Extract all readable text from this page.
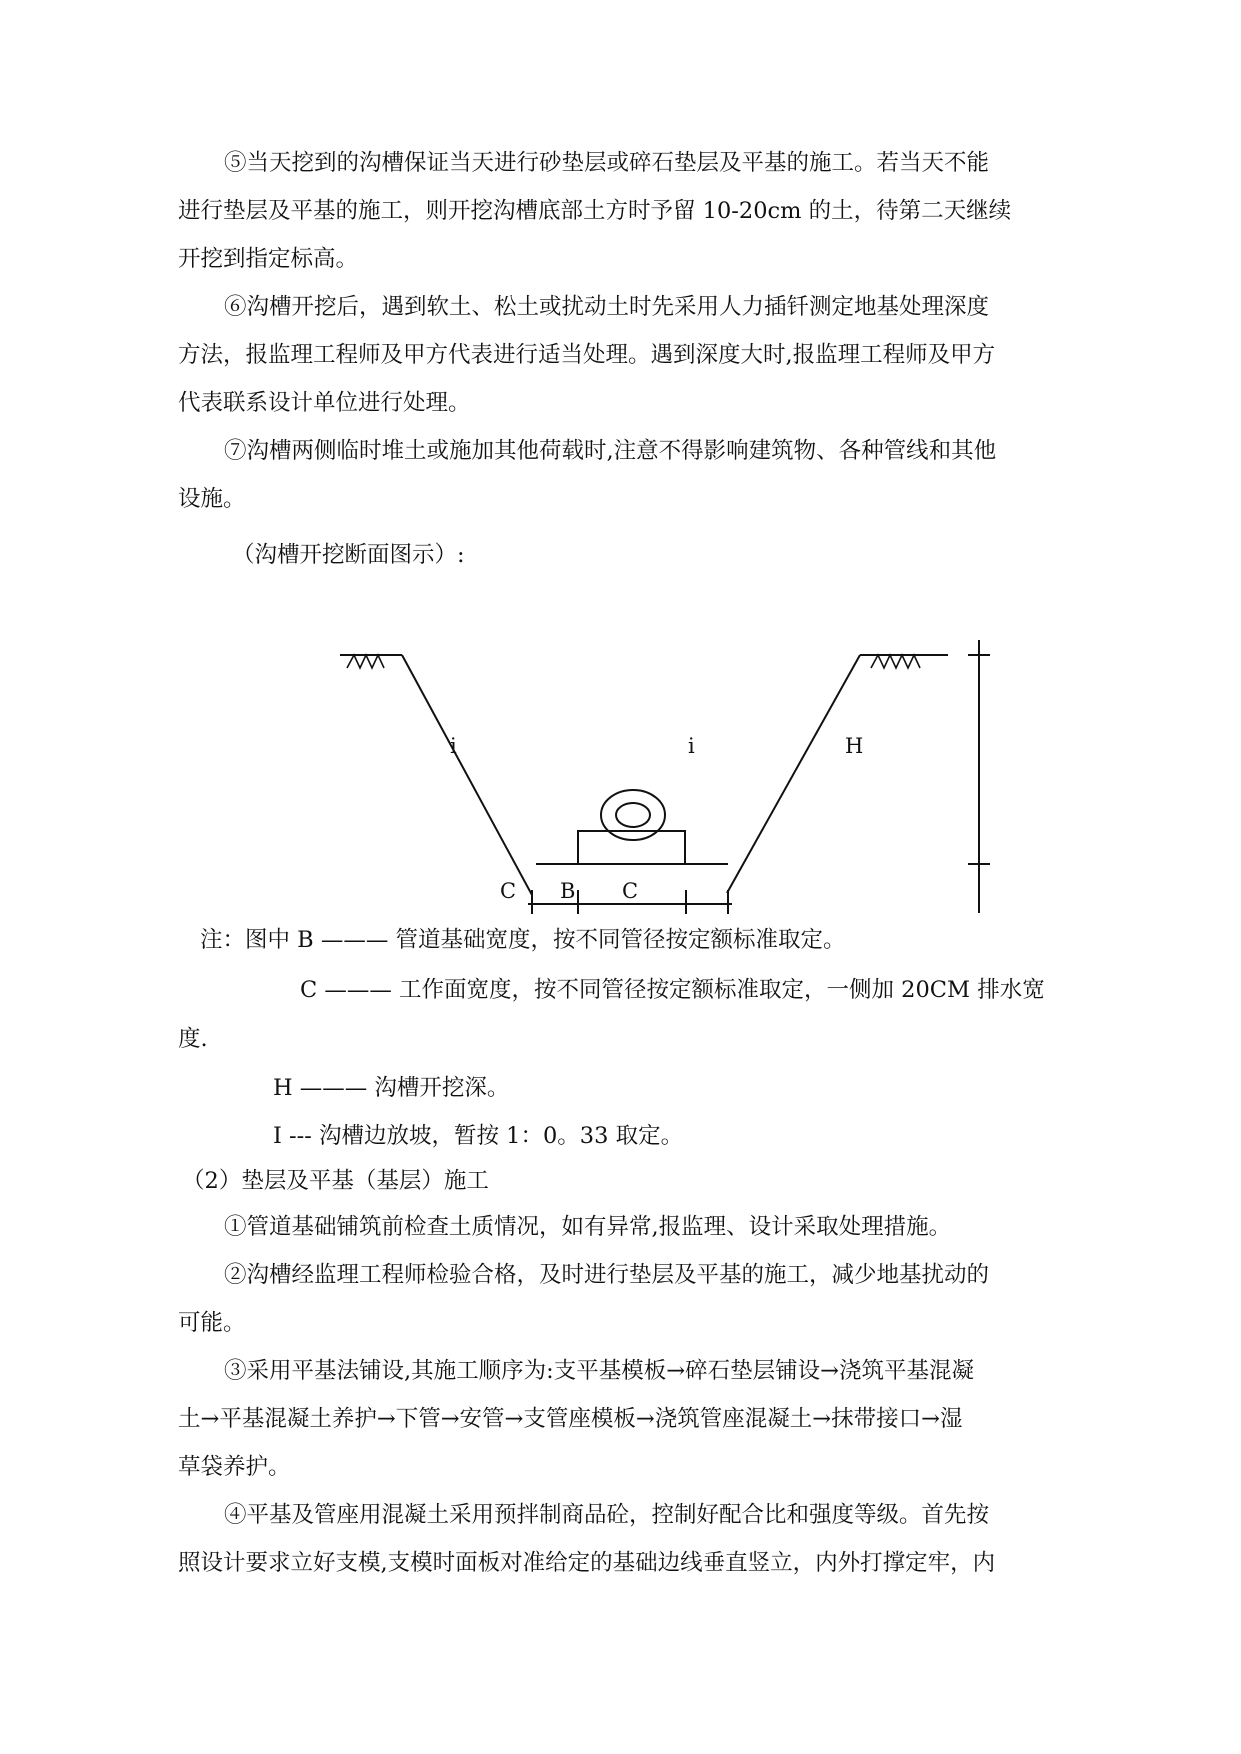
⑤当天挖到的沟槽保证当天进行砂垫层或碎石垫层及平基的施工。若当天不能
进行垫层及平基的施工，则开挖沟槽底部土方时予留 10-20cm 的土，待第二天继续
开挖到指定标高。
⑥沟槽开挖后，遇到软土、松土或扰动土时先采用人力插钎测定地基处理深度
方法，报监理工程师及甲方代表进行适当处理。遇到深度大时,报监理工程师及甲方
代表联系设计单位进行处理。
⑦沟槽两侧临时堆土或施加其他荷载时,注意不得影响建筑物、各种管线和其他
设施。
（沟槽开挖断面图示）:
i	i	H
C B C
注：图中 B ——— 管道基础宽度，按不同管径按定额标准取定。
C ——— 工作面宽度，按不同管径按定额标准取定，一侧加 20CM 排水宽
度.
H ——— 沟槽开挖深。
I --- 沟槽边放坡，暂按 1：0。33 取定。
（2）垫层及平基（基层）施工
①管道基础铺筑前检查土质情况，如有异常,报监理、设计采取处理措施。
②沟槽经监理工程师检验合格，及时进行垫层及平基的施工，减少地基扰动的
可能。
③采用平基法铺设,其施工顺序为:支平基模板→碎石垫层铺设→浇筑平基混凝
土→平基混凝土养护→下管→安管→支管座模板→浇筑管座混凝土→抹带接口→湿
草袋养护。
④平基及管座用混凝土采用预拌制商品砼，控制好配合比和强度等级。首先按
照设计要求立好支模,支模时面板对准给定的基础边线垂直竖立，内外打撑定牢，内
